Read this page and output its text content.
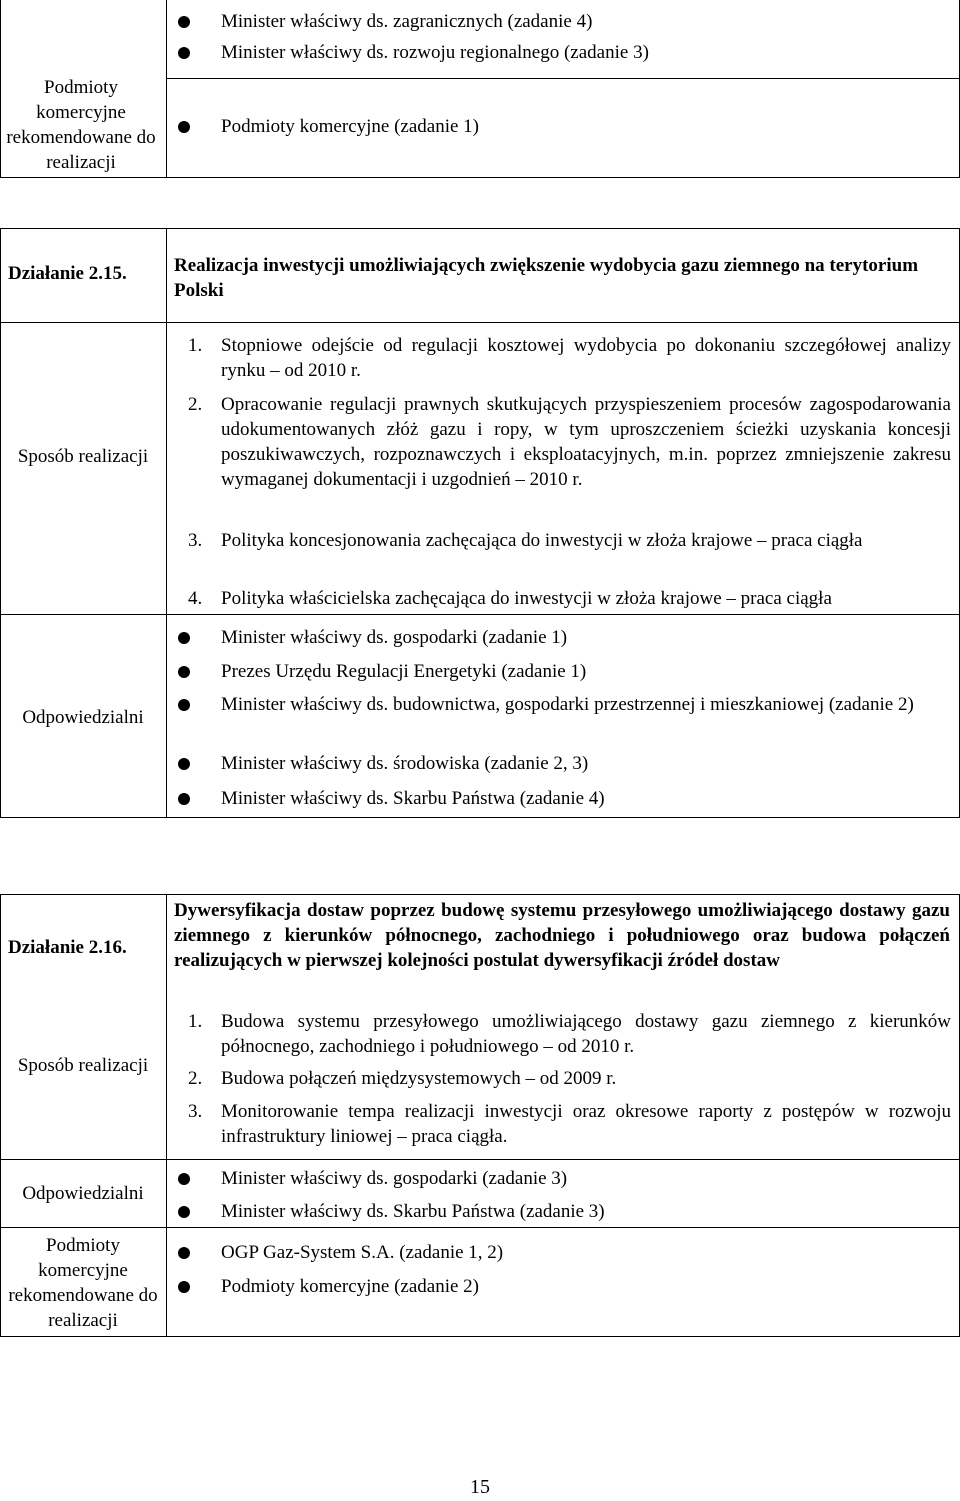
Podmioty komercyjne rekomendowane do realizacji
Minister właściwy ds. zagranicznych (zadanie 4)
Minister właściwy ds. rozwoju regionalnego (zadanie 3)
Podmioty komercyjne (zadanie 1)
Działanie 2.15.	Realizacja inwestycji umożliwiających zwiększenie wydobycia gazu ziemnego na terytorium Polski
Sposób realizacji
1. Stopniowe odejście od regulacji kosztowej wydobycia po dokonaniu szczegółowej analizy rynku – od 2010 r.
2. Opracowanie regulacji prawnych skutkujących przyspieszeniem procesów zagospodarowania udokumentowanych złóż gazu i ropy, w tym uproszczeniem ścieżki uzyskania koncesji poszukiwawczych, rozpoznawczych i eksploatacyjnych, m.in. poprzez zmniejszenie zakresu wymaganej dokumentacji i uzgodnień – 2010 r.
3. Polityka koncesjonowania zachęcająca do inwestycji w złoża krajowe – praca ciągła
4. Polityka właścicielska zachęcająca do inwestycji w złoża krajowe – praca ciągła
Odpowiedzialni
Minister właściwy ds. gospodarki (zadanie 1)
Prezes Urzędu Regulacji Energetyki (zadanie 1)
Minister właściwy ds. budownictwa, gospodarki przestrzennej i mieszkaniowej (zadanie 2)
Minister właściwy ds. środowiska (zadanie 2, 3)
Minister właściwy ds. Skarbu Państwa (zadanie 4)
Działanie 2.16.
Dywersyfikacja dostaw poprzez budowę systemu przesyłowego umożliwiającego dostawy gazu ziemnego z kierunków północnego, zachodniego i południowego oraz budowa połączeń realizujących w pierwszej kolejności postulat dywersyfikacji źródeł dostaw
Sposób realizacji
1. Budowa systemu przesyłowego umożliwiającego dostawy gazu ziemnego z kierunków północnego, zachodniego i południowego – od 2010 r.
2. Budowa połączeń międzysystemowych – od 2009 r.
3. Monitorowanie tempa realizacji inwestycji oraz okresowe raporty z postępów w rozwoju infrastruktury liniowej – praca ciągła.
Odpowiedzialni
Minister właściwy ds. gospodarki (zadanie 3)
Minister właściwy ds. Skarbu Państwa (zadanie 3)
Podmioty komercyjne rekomendowane do realizacji
OGP Gaz-System S.A. (zadanie 1, 2)
Podmioty komercyjne (zadanie 2)
15
